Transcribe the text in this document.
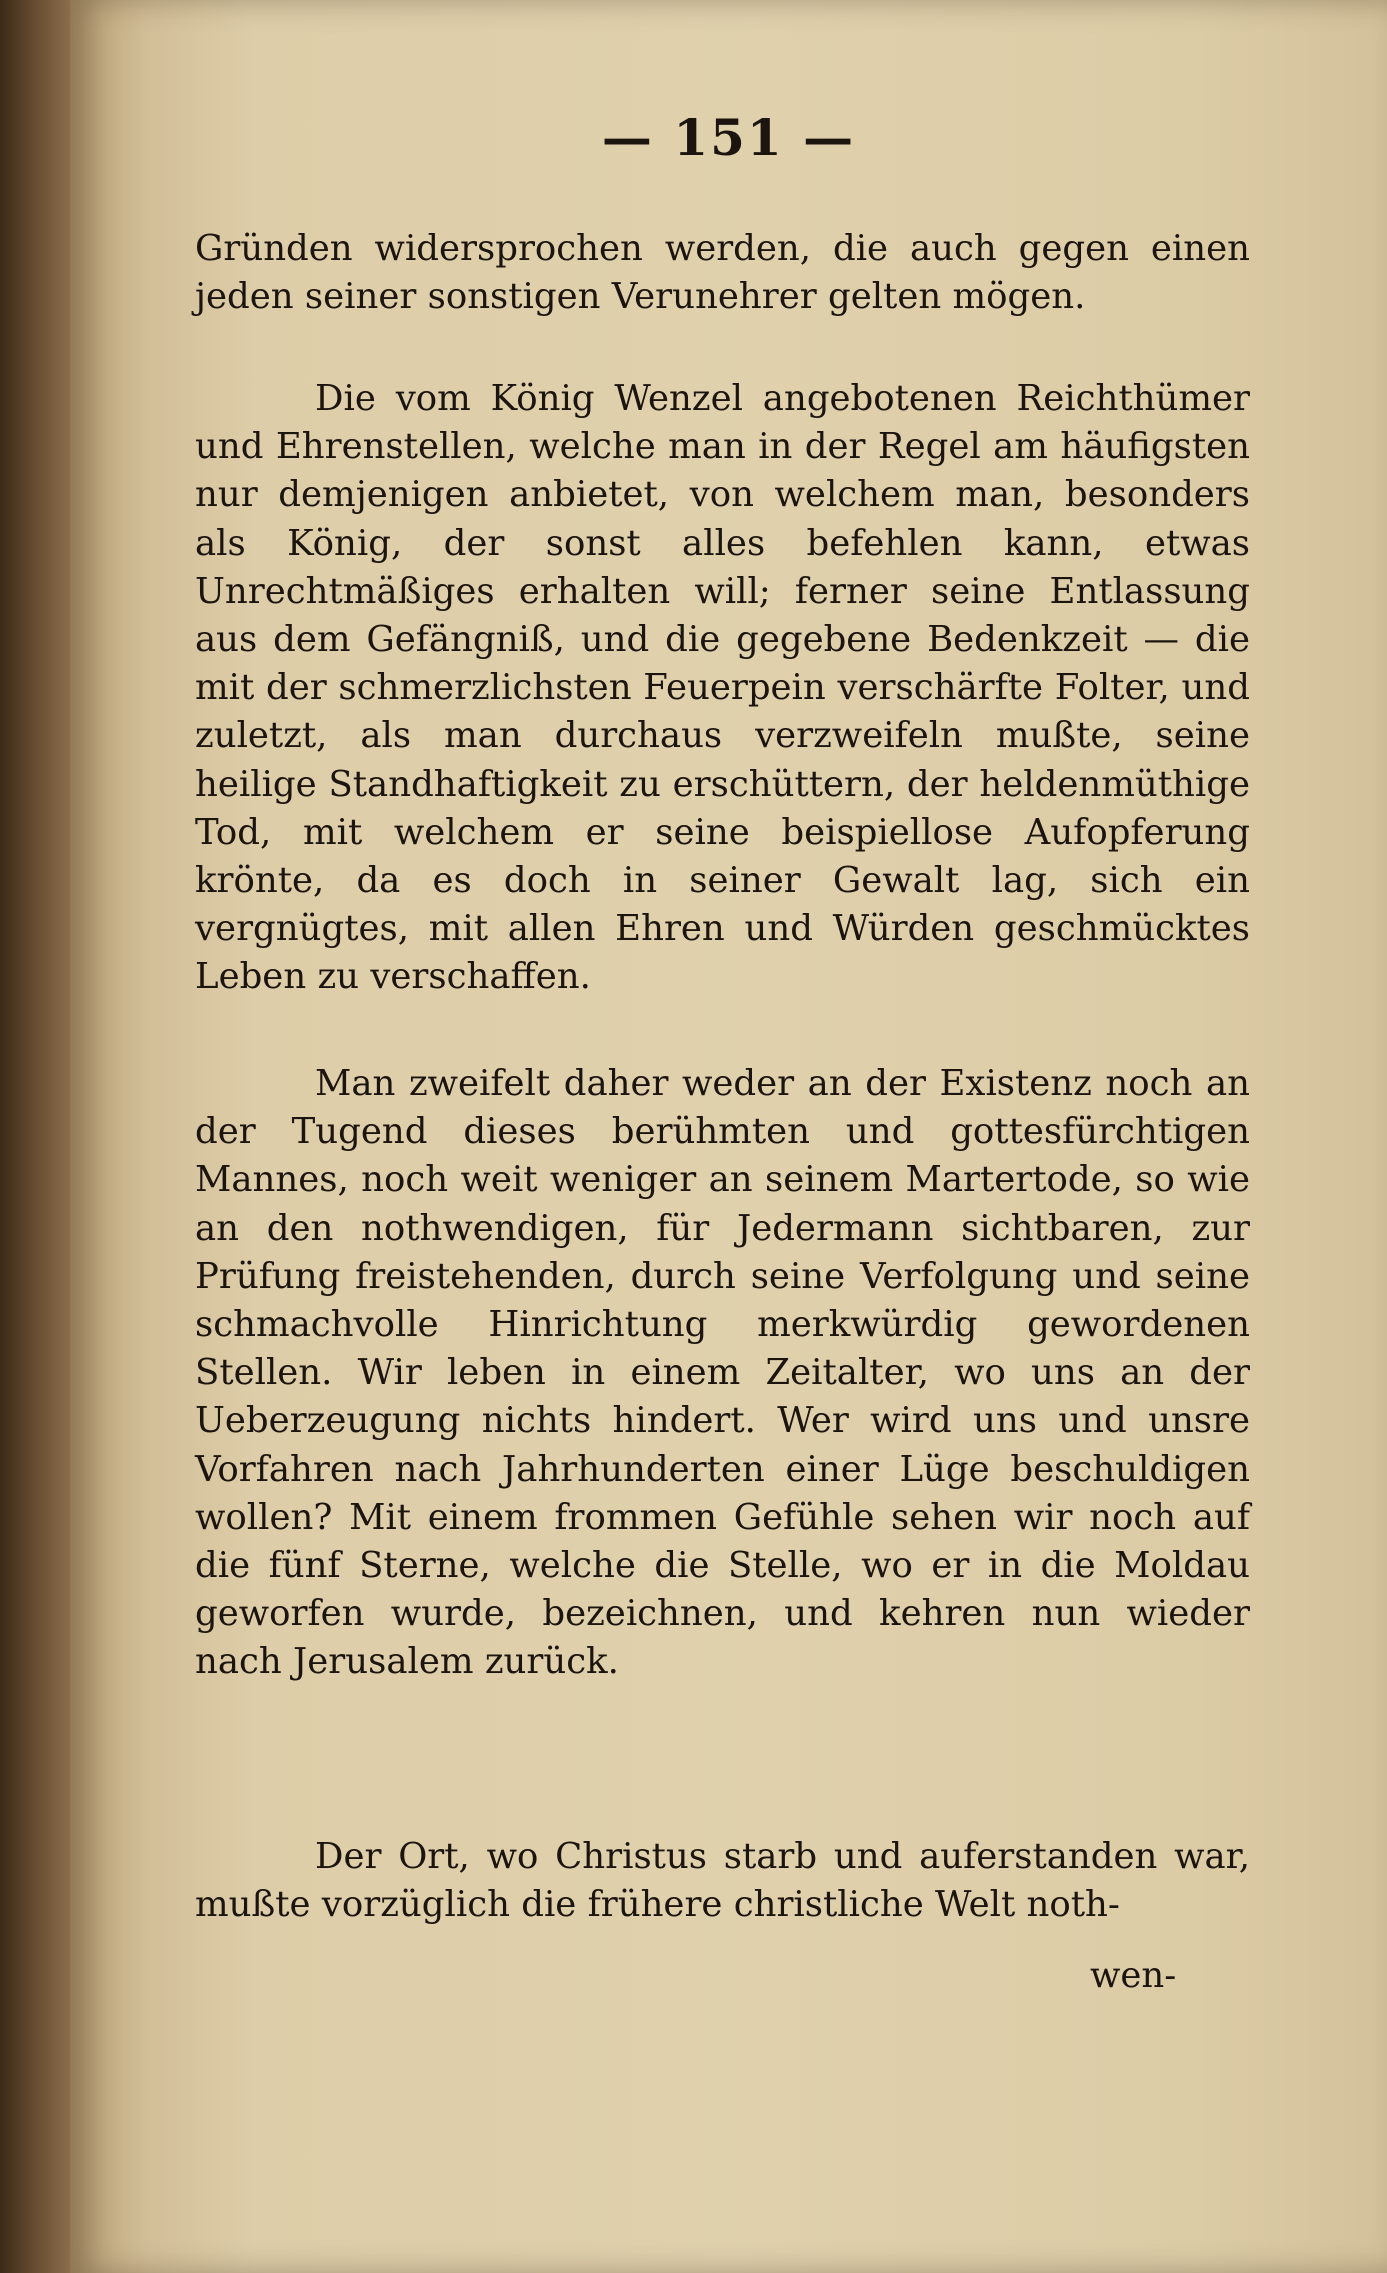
— 151 —

Gründen widersprochen werden, die auch gegen einen jeden seiner sonstigen Verunehrer gelten mögen.

Die vom König Wenzel angebotenen Reichthümer und Ehrenstellen, welche man in der Regel am häufigsten nur demjenigen anbietet, von welchem man, besonders als König, der sonst alles befehlen kann, etwas Unrechtmäßiges erhalten will; ferner seine Entlassung aus dem Gefängniß, und die gegebene Bedenkzeit — die mit der schmerzlichsten Feuerpein verschärfte Folter, und zuletzt, als man durchaus verzweifeln mußte, seine heilige Standhaftigkeit zu erschüttern, der heldenmüthige Tod, mit welchem er seine beispiellose Aufopferung krönte, da es doch in seiner Gewalt lag, sich ein vergnügtes, mit allen Ehren und Würden geschmücktes Leben zu verschaffen.

Man zweifelt daher weder an der Existenz noch an der Tugend dieses berühmten und gottesfürchtigen Mannes, noch weit weniger an seinem Martertode, so wie an den nothwendigen, für Jedermann sichtbaren, zur Prüfung freistehenden, durch seine Verfolgung und seine schmachvolle Hinrichtung merkwürdig gewordenen Stellen. Wir leben in einem Zeitalter, wo uns an der Ueberzeugung nichts hindert. Wer wird uns und unsre Vorfahren nach Jahrhunderten einer Lüge beschuldigen wollen? Mit einem frommen Gefühle sehen wir noch auf die fünf Sterne, welche die Stelle, wo er in die Moldau geworfen wurde, bezeichnen, und kehren nun wieder nach Jerusalem zurück.

Der Ort, wo Christus starb und auferstanden war, mußte vorzüglich die frühere christliche Welt noth-

wen-
